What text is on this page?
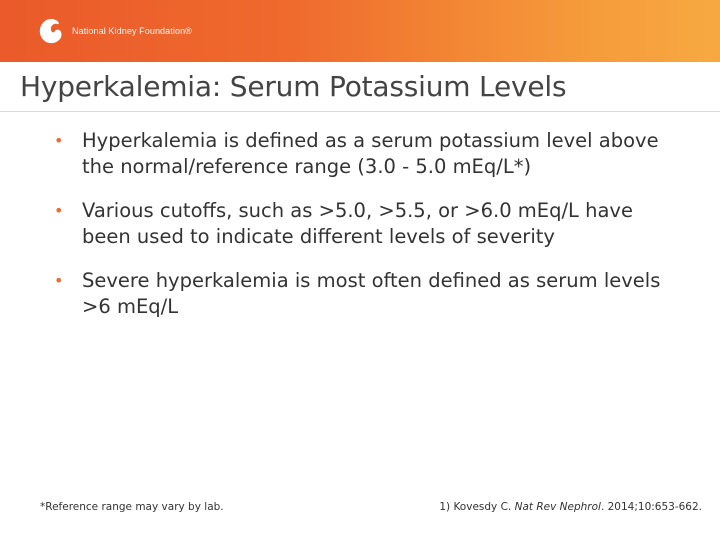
National Kidney Foundation®
Hyperkalemia: Serum Potassium Levels
• Hyperkalemia is defined as a serum potassium level above the normal/reference range (3.0 - 5.0 mEq/L*)
• Various cutoffs, such as >5.0, >5.5, or >6.0 mEq/L have been used to indicate different levels of severity
• Severe hyperkalemia is most often defined as serum levels >6 mEq/L
*Reference range may vary by lab.	1) Kovesdy C. Nat Rev Nephrol. 2014;10:653-662.
